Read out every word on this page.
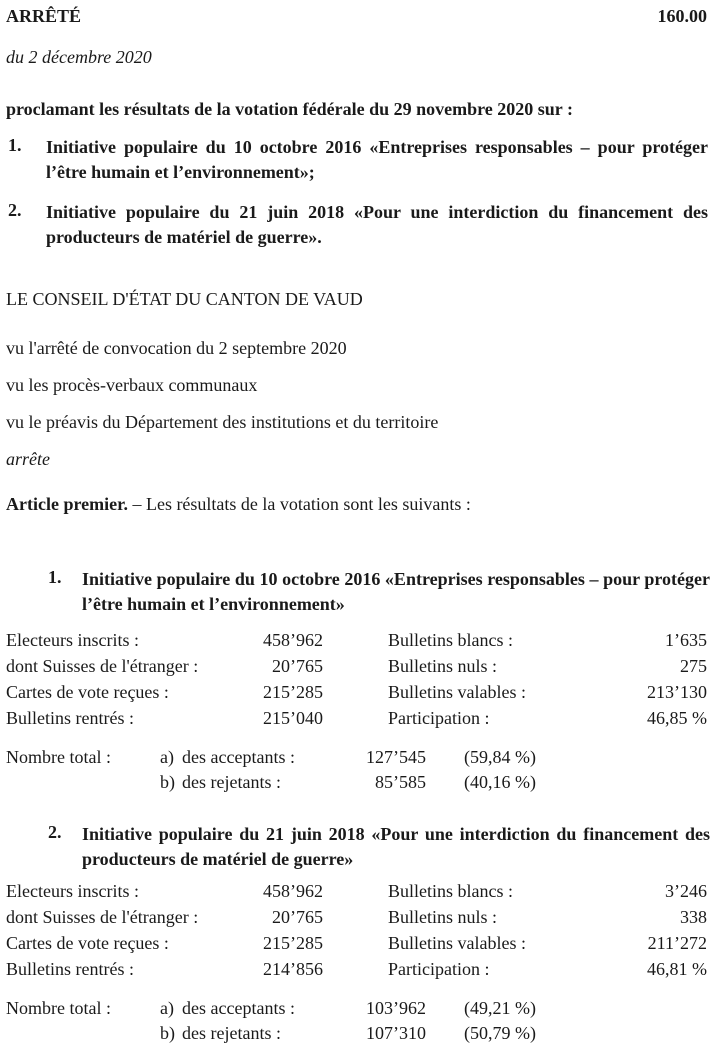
ARRÊTÉ	160.00
du 2 décembre 2020
proclamant les résultats de la votation fédérale du 29 novembre 2020 sur :
1. Initiative populaire du 10 octobre 2016 «Entreprises responsables – pour protéger l’être humain et l’environnement»;
2. Initiative populaire du 21 juin 2018 «Pour une interdiction du financement des producteurs de matériel de guerre».
LE CONSEIL D'ÉTAT DU CANTON DE VAUD
vu l'arrêté de convocation du 2 septembre 2020
vu les procès-verbaux communaux
vu le préavis du Département des institutions et du territoire
arrête
Article premier. – Les résultats de la votation sont les suivants :
1. Initiative populaire du 10 octobre 2016 «Entreprises responsables – pour protéger l’être humain et l’environnement»
Electeurs inscrits :	458’962	Bulletins blancs :	1’635
dont Suisses de l'étranger :	20’765	Bulletins nuls :	275
Cartes de vote reçues :	215’285	Bulletins valables :	213’130
Bulletins rentrés :	215’040	Participation :	46,85 %
Nombre total :	a) des acceptants :	127’545 (59,84 %)
b) des rejetants :	85’585 (40,16 %)
2. Initiative populaire du 21 juin 2018 «Pour une interdiction du financement des producteurs de matériel de guerre»
Electeurs inscrits :	458’962	Bulletins blancs :	3’246
dont Suisses de l'étranger :	20’765	Bulletins nuls :	338
Cartes de vote reçues :	215’285	Bulletins valables :	211’272
Bulletins rentrés :	214’856	Participation :	46,81 %
Nombre total :	a) des acceptants :	103’962 (49,21 %)
b) des rejetants :	107’310 (50,79 %)
